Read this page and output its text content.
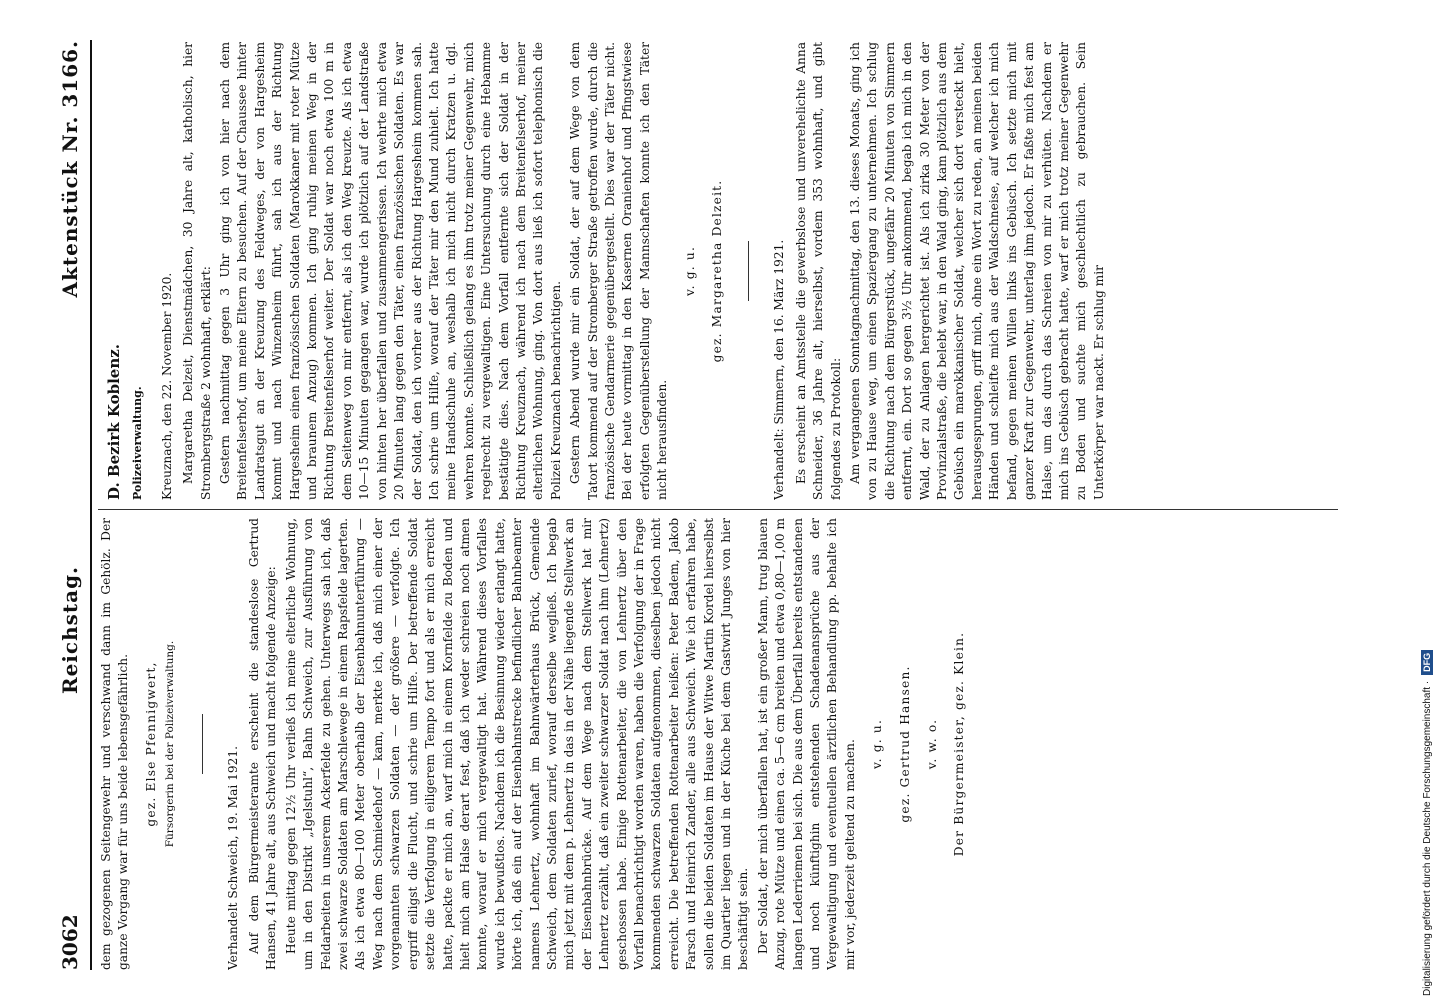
3062
Reichstag.
Aktenstück Nr. 3166.

dem gezogenen Seitengewehr und verschwand dann im Gehölz. Der ganze Vorgang war für uns beide lebensgefährlich. gez. Else Pfennigwert, Fürsorgerin bei der Polizeiverwaltung.
Verhandelt Schweich, 19. Mai 1921. Auf dem Bürgermeisteramte erscheint die standeslose Gertrud Hansen, 41 Jahre alt, aus Schweich und macht folgende Anzeige: Heute mittag gegen 12½ Uhr verließ ich meine elterliche Wohnung, um in den Distrikt „Igelstuhl“, Bahn Schweich, zur Ausführung von Feldarbeiten in unserem Ackerfelde zu gehen. Unterwegs sah ich, daß zwei schwarze Soldaten am Marschlewege in einem Rapsfelde lagerten. Als ich etwa 80—100 Meter oberhalb der Eisenbahnunterführung — Weg nach dem Schmiedehof — kam, merkte ich, daß mich einer der vorgenannten schwarzen Soldaten — der größere — verfolgte. Ich ergriff eiligst die Flucht, und schrie um Hilfe. Der betreffende Soldat setzte die Verfolgung in eiligerem Tempo fort und als er mich erreicht hatte, packte er mich an, warf mich in einem Kornfelde zu Boden und hielt mich am Halse derart fest, daß ich weder schreien noch atmen konnte, worauf er mich vergewaltigt hat. Während dieses Vorfalles wurde ich bewußtlos. Nachdem ich die Besinnung wieder erlangt hatte, hörte ich, daß ein auf der Eisenbahnstrecke befindlicher Bahnbeamter namens Lehnertz, wohnhaft im Bahnwärterhaus Brück, Gemeinde Schweich, dem Soldaten zurief, worauf derselbe wegließ. Ich begab mich jetzt mit dem p. Lehnertz in das in der Nähe liegende Stellwerk an der Eisenbahnbrücke. Auf dem Wege nach dem Stellwerk hat mir Lehnertz erzählt, daß ein zweiter schwarzer Soldat nach ihm (Lehnertz) geschossen habe. Einige Rottenarbeiter, die von Lehnertz über den Vorfall benachrichtigt worden waren, haben die Verfolgung der in Frage kommenden schwarzen Soldaten aufgenommen, dieselben jedoch nicht erreicht. Die betreffenden Rottenarbeiter heißen: Peter Badem, Jakob Farsch und Heinrich Zander, alle aus Schweich. Wie ich erfahren habe, sollen die beiden Soldaten im Hause der Witwe Martin Kordel hierselbst im Quartier liegen und in der Küche bei dem Gastwirt Junges von hier beschäftigt sein. Der Soldat, der mich überfallen hat, ist ein großer Mann, trug blauen Anzug, rote Mütze und einen ca. 5—6 cm breiten und etwa 0,80—1,00 m langen Lederriemen bei sich. Die aus dem Überfall bereits entstandenen und noch künftighin entstehenden Schadenansprüche aus der Vergewaltigung und eventuellen ärztlichen Behandlung pp. behalte ich mir vor, jederzeit geltend zu machen. v. g. u. gez. Gertrud Hansen. v. w. o. Der Bürgermeister, gez. Klein.
D. Bezirk Koblenz. Polizeiverwaltung. Kreuznach, den 22. November 1920. Margaretha Delzeit, Dienstmädchen, 30 Jahre alt, katholisch, hier Strombergstraße 2 wohnhaft, erklärt: Gestern nachmittag gegen 3 Uhr ging ich von hier nach dem Breitenfelserhof, um meine Eltern zu besuchen. Auf der Chaussee hinter Landratsgut an der Kreuzung des Feldweges, der von Hargesheim kommt und nach Winzenheim führt, sah ich aus der Richtung Hargesheim einen französischen Soldaten (Marokkaner mit roter Mütze und braunem Anzug) kommen. Ich ging ruhig meinen Weg in der Richtung Breitenfelserhof weiter. Der Soldat war noch etwa 100 m in dem Seitenweg von mir entfernt, als ich den Weg kreuzte. Als ich etwa 10—15 Minuten gegangen war, wurde ich plötzlich auf der Landstraße von hinten her überfallen und zusammengerissen. Ich wehrte mich etwa 20 Minuten lang gegen den Täter, einen französischen Soldaten. Es war der Soldat, den ich vorher aus der Richtung Hargesheim kommen sah. Ich schrie um Hilfe, worauf der Täter mir den Mund zuhielt. Ich hatte meine Handschuhe an, weshalb ich mich nicht durch Kratzen u. dgl. wehren konnte. Schließlich gelang es ihm trotz meiner Gegenwehr, mich regelrecht zu vergewaltigen. Eine Untersuchung durch eine Hebamme bestätigte dies. Nach dem Vorfall entfernte sich der Soldat in der Richtung Kreuznach, während ich nach dem Breitenfelserhof, meiner elterlichen Wohnung, ging. Von dort aus ließ ich sofort telephonisch die Polizei Kreuznach benachrichtigen. Gestern Abend wurde mir ein Soldat, der auf dem Wege von dem Tatort kommend auf der Stromberger Straße getroffen wurde, durch die französische Gendarmerie gegenübergestellt. Dies war der Täter nicht. Bei der heute vormittag in den Kasernen Oranienhof und Pfingstwiese erfolgten Gegenüberstellung der Mannschaften konnte ich den Täter nicht herausfinden.

v. g. u. gez. Margaretha Delzeit.	Verhandelt: Simmern, den 16. März 1921. Es erscheint an Amtsstelle die gewerbslose und unverehelichte Anna Schneider, 36 Jahre alt, hierselbst, vordem 353 wohnhaft, und gibt folgendes zu Protokoll: Am vergangenen Sonntagnachmittag, den 13. dieses Monats, ging ich von zu Hause weg, um einen Spaziergang zu unternehmen. Ich schlug die Richtung nach dem Bürgerstück, ungefähr 20 Minuten von Simmern entfernt, ein. Dort so gegen 3½ Uhr ankommend, begab ich mich in den Wald, der zu Anlagen hergerichtet ist. Als ich zirka 30 Meter von der Provinzialstraße, die belebt war, in den Wald ging, kam plötzlich aus dem Gebüsch ein marokkanischer Soldat, welcher sich dort versteckt hielt, herausgesprungen, griff mich, ohne ein Wort zu reden, an meinen beiden Händen und schleifte mich aus der Waldschneise, auf welcher ich mich befand, gegen meinen Willen links ins Gebüsch. Ich setzte mich mit ganzer Kraft zur Gegenwehr, unterlag ihm jedoch. Er faßte mich fest am Halse, um das durch das Schreien von mir zu verhüten. Nachdem er mich ins Gebüsch gebracht hatte, warf er mich trotz meiner Gegenwehr zu Boden und suchte mich geschlechtlich zu gebrauchen. Sein Unterkörper war nackt. Er schlug mir

Digitalisierung gefördert durch die Deutsche Forschungsgemeinschaft ·
DFG
